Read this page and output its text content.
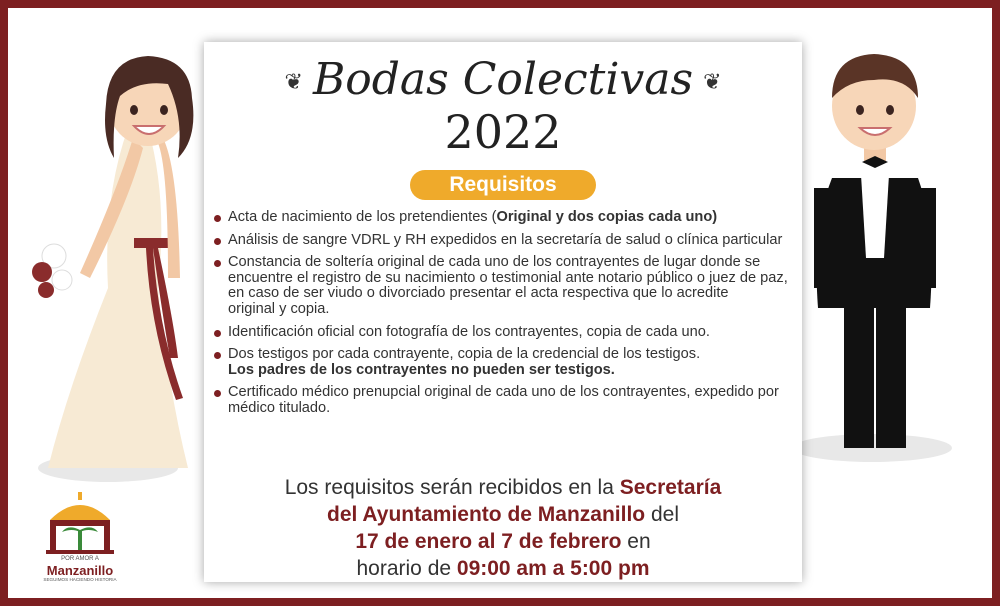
❦ Bodas Colectivas ❦
2022
Requisitos
Acta de nacimiento de los pretendientes (Original y dos copias cada uno)
Análisis de sangre VDRL y RH expedidos en la secretaría de salud o clínica particular
Constancia de soltería original de cada uno de los contrayentes de lugar donde se encuentre el registro de su nacimiento o testimonial ante notario público o juez de paz, en caso de ser viudo o divorciado presentar el acta respectiva que lo acredite
original y copia.
Identificación oficial con fotografía de los contrayentes, copia de cada uno.
Dos testigos por cada contrayente, copia de la credencial de los testigos.
Los padres de los contrayentes no pueden ser testigos.
Certificado médico prenupcial original de cada uno de los contrayentes, expedido por médico titulado.
Los requisitos serán recibidos en la Secretaría
del Ayuntamiento de Manzanillo del
17 de enero al 7 de febrero en
horario de 09:00 am a 5:00 pm
POR AMOR A
Manzanillo
SEGUIMOS HACIENDO HISTORIA
